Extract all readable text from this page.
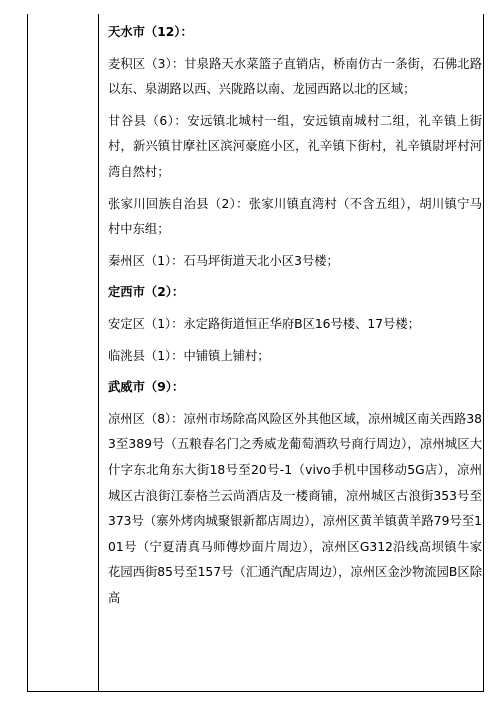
天水市（12）：

麦积区（3）：甘泉路天水菜篮子直销店，桥南仿古一条街，石佛北路以东、泉湖路以西、兴陇路以南、龙园西路以北的区域；

甘谷县（6）：安远镇北城村一组，安远镇南城村二组，礼辛镇上街村，新兴镇甘摩社区滨河豪庭小区，礼辛镇下街村，礼辛镇尉坪村河湾自然村；

张家川回族自治县（2）：张家川镇直湾村（不含五组），胡川镇宁马村中东组；

秦州区（1）：石马坪街道天北小区3号楼；

定西市（2）：

安定区（1）：永定路街道恒正华府B区16号楼、17号楼；

临洮县（1）：中铺镇上铺村；

武威市（9）：

凉州区（8）：凉州市场除高风险区外其他区域，凉州城区南关西路383至389号（五粮春名门之秀威龙葡萄酒玖号商行周边），凉州城区大什字东北角东大街18号至20号-1（vivo手机中国移动5G店），凉州城区古浪街江泰格兰云尚酒店及一楼商铺，凉州城区古浪街353号至373号（寨外烤肉城聚银新都店周边），凉州区黄羊镇黄羊路79号至101号（宁夏清真马师傅炒面片周边），凉州区G312沿线高坝镇牛家花园西街85号至157号（汇通汽配店周边），凉州区金沙物流园B区除高
